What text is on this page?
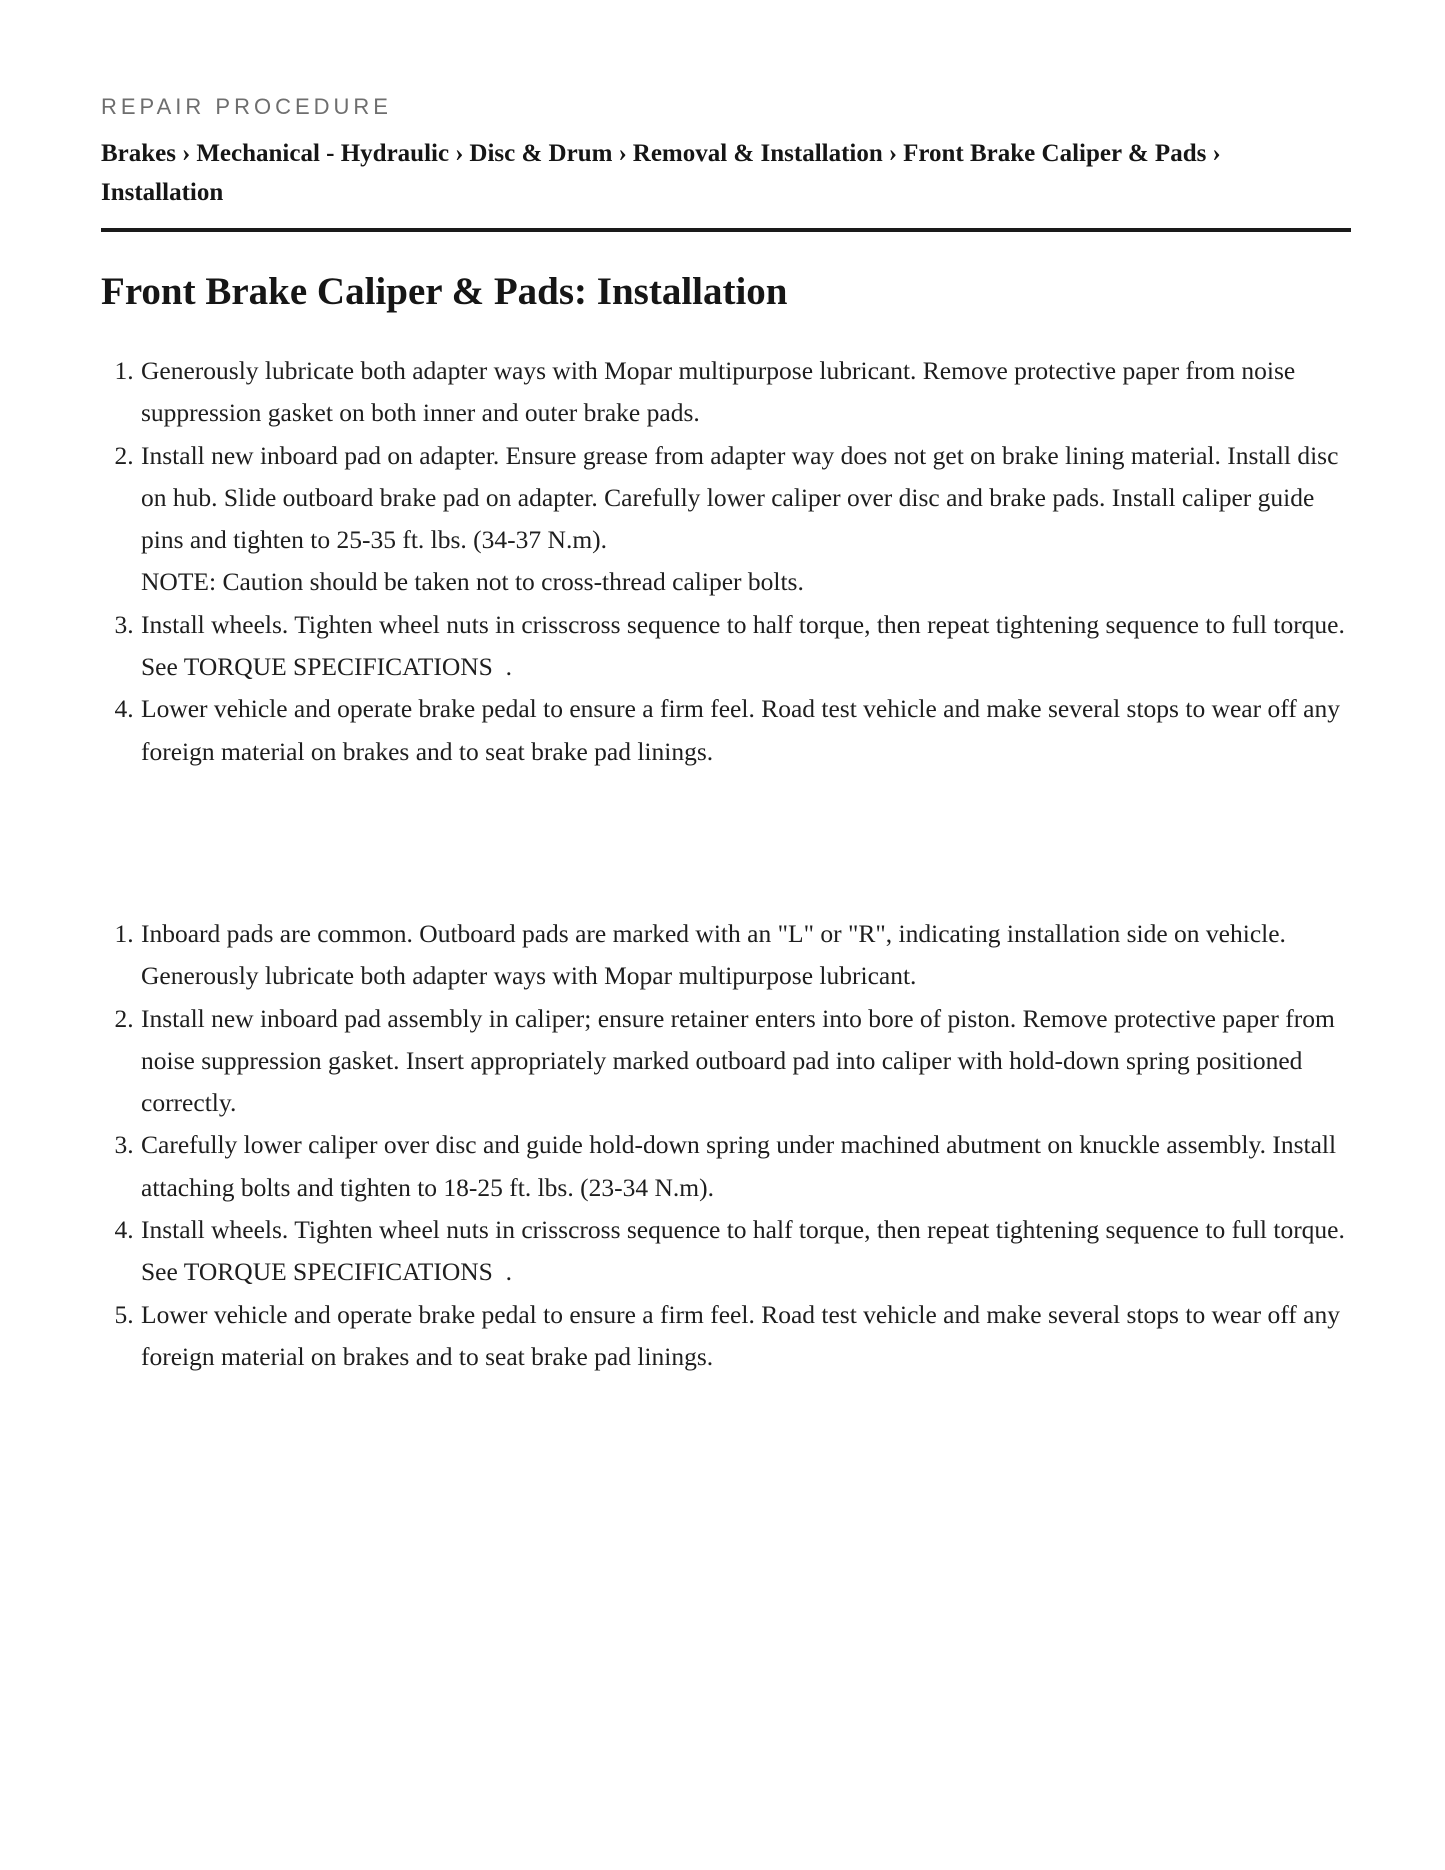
REPAIR PROCEDURE
Brakes › Mechanical - Hydraulic › Disc & Drum › Removal & Installation › Front Brake Caliper & Pads ›
Installation
Front Brake Caliper & Pads: Installation
1. Generously lubricate both adapter ways with Mopar multipurpose lubricant. Remove protective paper from noise suppression gasket on both inner and outer brake pads.
2. Install new inboard pad on adapter. Ensure grease from adapter way does not get on brake lining material. Install disc on hub. Slide outboard brake pad on adapter. Carefully lower caliper over disc and brake pads. Install caliper guide pins and tighten to 25-35 ft. lbs. (34-37 N.m).
NOTE: Caution should be taken not to cross-thread caliper bolts.
3. Install wheels. Tighten wheel nuts in crisscross sequence to half torque, then repeat tightening sequence to full torque. See TORQUE SPECIFICATIONS  .
4. Lower vehicle and operate brake pedal to ensure a firm feel. Road test vehicle and make several stops to wear off any foreign material on brakes and to seat brake pad linings.
1. Inboard pads are common. Outboard pads are marked with an "L" or "R", indicating installation side on vehicle. Generously lubricate both adapter ways with Mopar multipurpose lubricant.
2. Install new inboard pad assembly in caliper; ensure retainer enters into bore of piston. Remove protective paper from noise suppression gasket. Insert appropriately marked outboard pad into caliper with hold-down spring positioned correctly.
3. Carefully lower caliper over disc and guide hold-down spring under machined abutment on knuckle assembly. Install attaching bolts and tighten to 18-25 ft. lbs. (23-34 N.m).
4. Install wheels. Tighten wheel nuts in crisscross sequence to half torque, then repeat tightening sequence to full torque. See TORQUE SPECIFICATIONS  .
5. Lower vehicle and operate brake pedal to ensure a firm feel. Road test vehicle and make several stops to wear off any foreign material on brakes and to seat brake pad linings.
